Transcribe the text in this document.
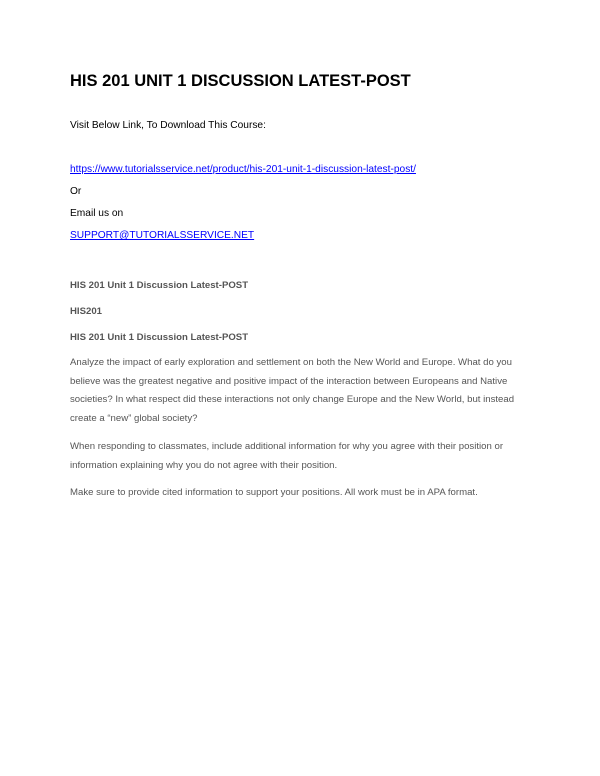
HIS 201 UNIT 1 DISCUSSION LATEST-POST
Visit Below Link, To Download This Course:
https://www.tutorialsservice.net/product/his-201-unit-1-discussion-latest-post/
Or
Email us on
SUPPORT@TUTORIALSSERVICE.NET
HIS 201 Unit 1 Discussion Latest-POST
HIS201
HIS 201 Unit 1 Discussion Latest-POST

Analyze the impact of early exploration and settlement on both the New World and Europe. What do you believe was the greatest negative and positive impact of the interaction between Europeans and Native societies? In what respect did these interactions not only change Europe and the New World, but instead create a “new” global society?

When responding to classmates, include additional information for why you agree with their position or information explaining why you do not agree with their position.

Make sure to provide cited information to support your positions. All work must be in APA format.
